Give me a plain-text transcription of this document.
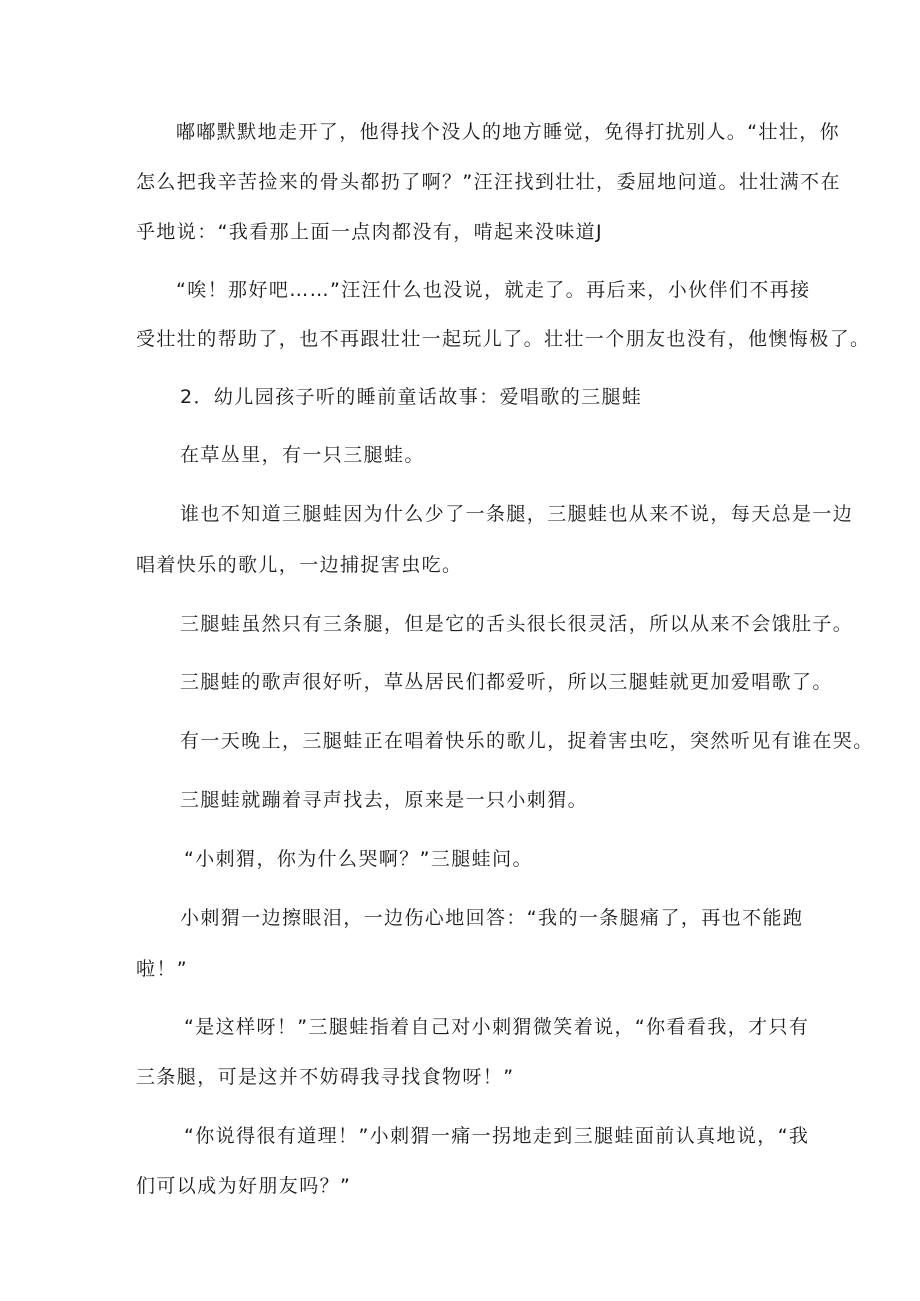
嘟嘟默默地走开了，他得找个没人的地方睡觉，免得打扰别人。“壮壮，你

怎么把我辛苦捡来的骨头都扔了啊？”汪汪找到壮壮，委屈地问道。壮壮满不在

乎地说：“我看那上面一点肉都没有，啃起来没味道J

“唉！那好吧……”汪汪什么也没说，就走了。再后来，小伙伴们不再接

受壮壮的帮助了，也不再跟壮壮一起玩儿了。壮壮一个朋友也没有，他懊悔极了。

2．幼儿园孩子听的睡前童话故事：爱唱歌的三腿蛙

在草丛里，有一只三腿蛙。

谁也不知道三腿蛙因为什么少了一条腿，三腿蛙也从来不说，每天总是一边

唱着快乐的歌儿，一边捕捉害虫吃。

三腿蛙虽然只有三条腿，但是它的舌头很长很灵活，所以从来不会饿肚子。

三腿蛙的歌声很好听，草丛居民们都爱听，所以三腿蛙就更加爱唱歌了。

有一天晚上，三腿蛙正在唱着快乐的歌儿，捉着害虫吃，突然听见有谁在哭。

三腿蛙就蹦着寻声找去，原来是一只小刺猬。

“小刺猬，你为什么哭啊？”三腿蛙问。

小刺猬一边擦眼泪，一边伤心地回答：“我的一条腿痛了，再也不能跑

啦！”

“是这样呀！”三腿蛙指着自己对小刺猬微笑着说，“你看看我，才只有

三条腿，可是这并不妨碍我寻找食物呀！”

“你说得很有道理！”小刺猬一痛一拐地走到三腿蛙面前认真地说，“我

们可以成为好朋友吗？”
